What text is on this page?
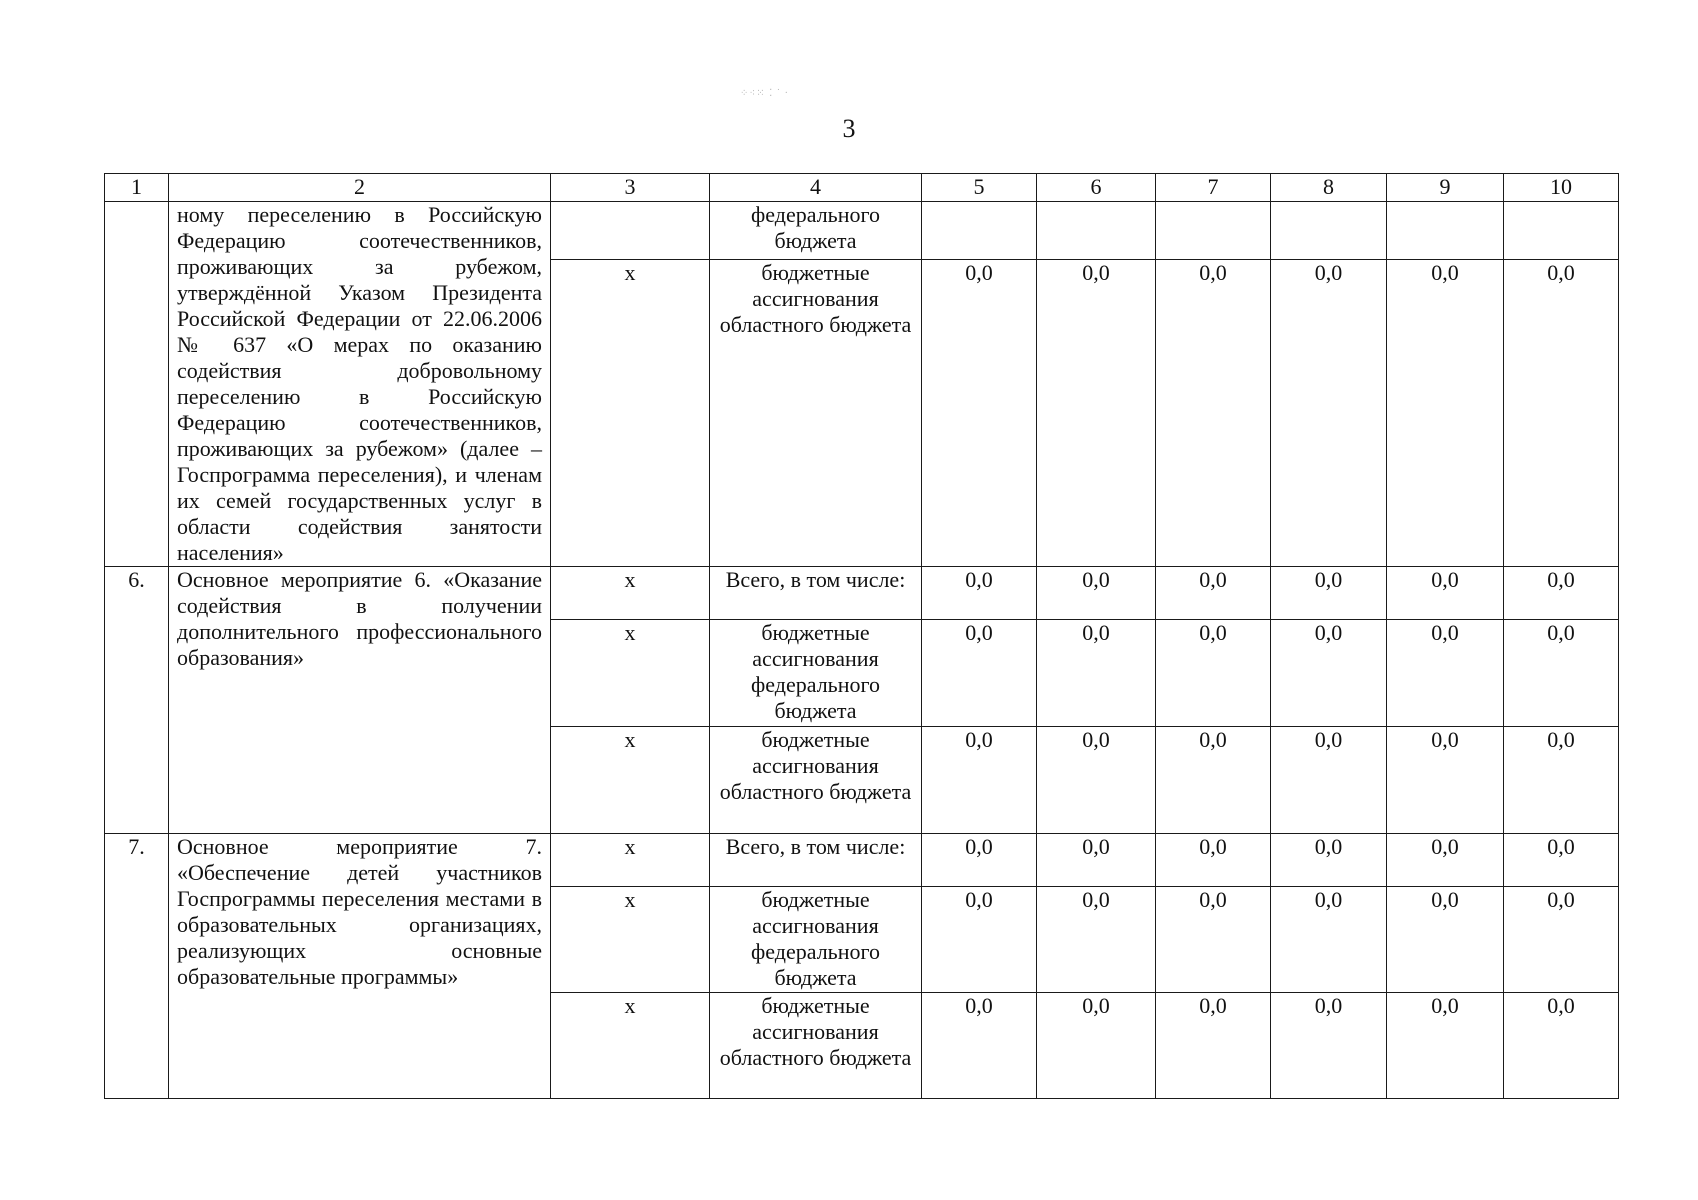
⁘⁖⁙ ⁚ ˙ ·
3
1	2	3	4	5	6	7	8	9	10
	ному переселению в Российскую Федерацию соотечественников, проживающих за рубежом, утверждённой Указом Президента Российской Федерации от 22.06.2006 № 637 «О мерах по оказанию содействия добровольному переселению в Российскую Федерацию соотечественников, проживающих за рубежом» (далее – Госпрограмма переселения), и членам их семей государственных услуг в области содействия занятости населения»		федерального бюджета						
		х	бюджетные ассигнования областного бюджета	0,0	0,0	0,0	0,0	0,0	0,0
6.	Основное мероприятие 6. «Оказание содействия в получении дополнительного профессионального образования»	х	Всего, в том числе:	0,0	0,0	0,0	0,0	0,0	0,0
		х	бюджетные ассигнования федерального бюджета	0,0	0,0	0,0	0,0	0,0	0,0
		х	бюджетные ассигнования областного бюджета	0,0	0,0	0,0	0,0	0,0	0,0
7.	Основное мероприятие 7. «Обеспечение детей участников Госпрограммы переселения местами в образовательных организациях, реализующих основные образовательные программы»	х	Всего, в том числе:	0,0	0,0	0,0	0,0	0,0	0,0
		х	бюджетные ассигнования федерального бюджета	0,0	0,0	0,0	0,0	0,0	0,0
		х	бюджетные ассигнования областного бюджета	0,0	0,0	0,0	0,0	0,0	0,0
